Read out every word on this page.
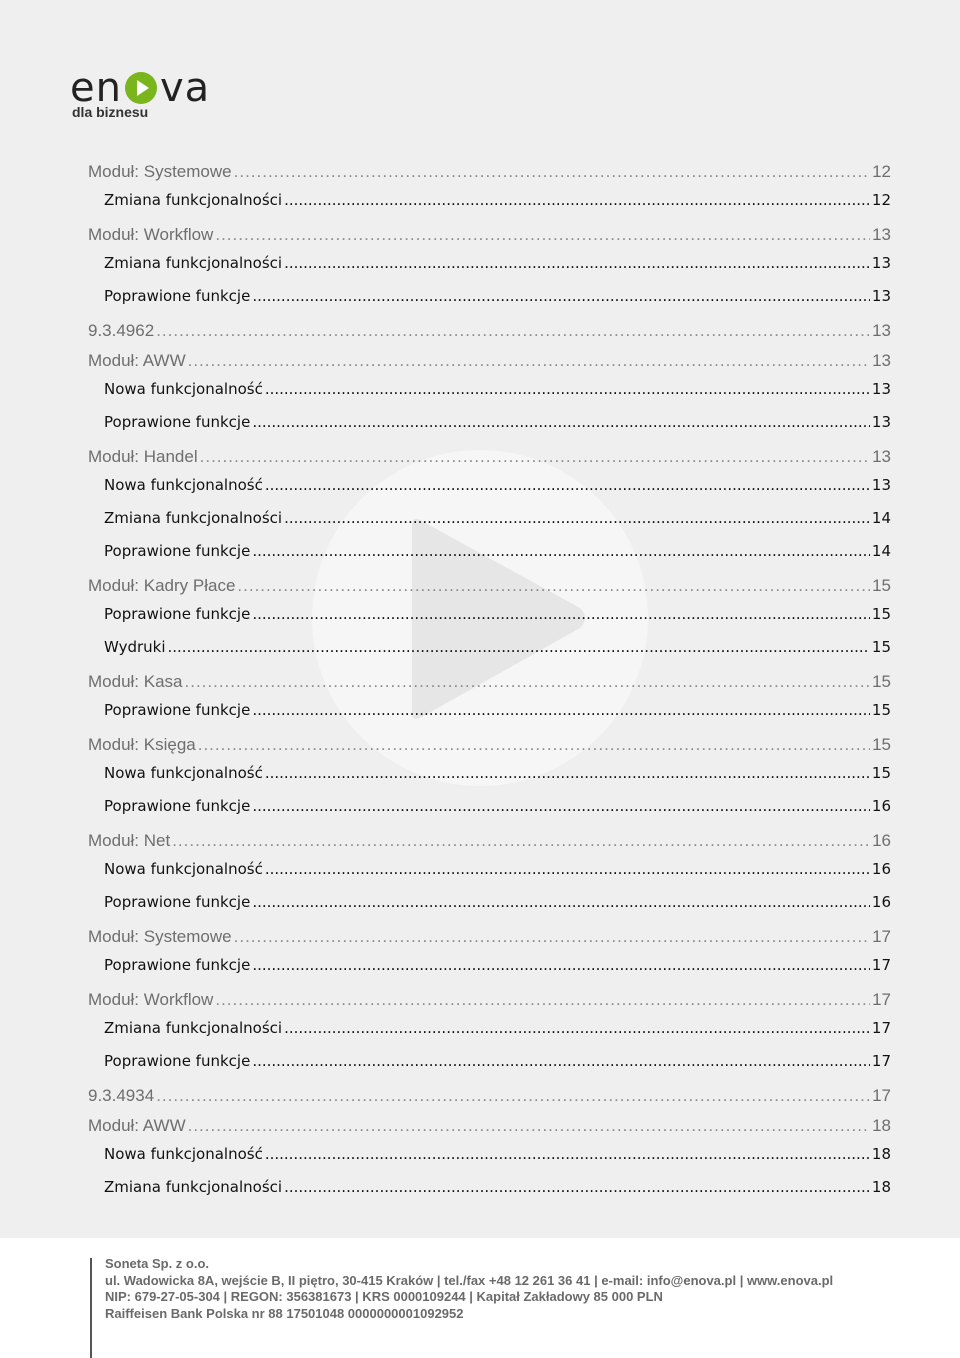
en va
dla biznesu
Moduł: Systemowe .....	12
Zmiana funkcjonalności .....	12
Moduł: Workflow .....	13
Zmiana funkcjonalności .....	13
Poprawione funkcje .....	13
9.3.4962 .....	13
Moduł: AWW .....	13
Nowa funkcjonalność .....	13
Poprawione funkcje .....	13
Moduł: Handel .....	13
Nowa funkcjonalność .....	13
Zmiana funkcjonalności .....	14
Poprawione funkcje .....	14
Moduł: Kadry Płace .....	15
Poprawione funkcje .....	15
Wydruki .....	15
Moduł: Kasa .....	15
Poprawione funkcje .....	15
Moduł: Księga .....	15
Nowa funkcjonalność .....	15
Poprawione funkcje .....	16
Moduł: Net .....	16
Nowa funkcjonalność .....	16
Poprawione funkcje .....	16
Moduł: Systemowe .....	17
Poprawione funkcje .....	17
Moduł: Workflow .....	17
Zmiana funkcjonalności .....	17
Poprawione funkcje .....	17
9.3.4934 .....	17
Moduł: AWW .....	18
Nowa funkcjonalność .....	18
Zmiana funkcjonalności .....	18
Soneta Sp. z o.o.
ul. Wadowicka 8A, wejście B, II piętro, 30-415 Kraków | tel./fax +48 12 261 36 41 | e-mail: info@enova.pl | www.enova.pl
NIP: 679-27-05-304 | REGON: 356381673 | KRS 0000109244 | Kapitał Zakładowy 85 000 PLN
Raiffeisen Bank Polska nr 88 17501048 0000000001092952
